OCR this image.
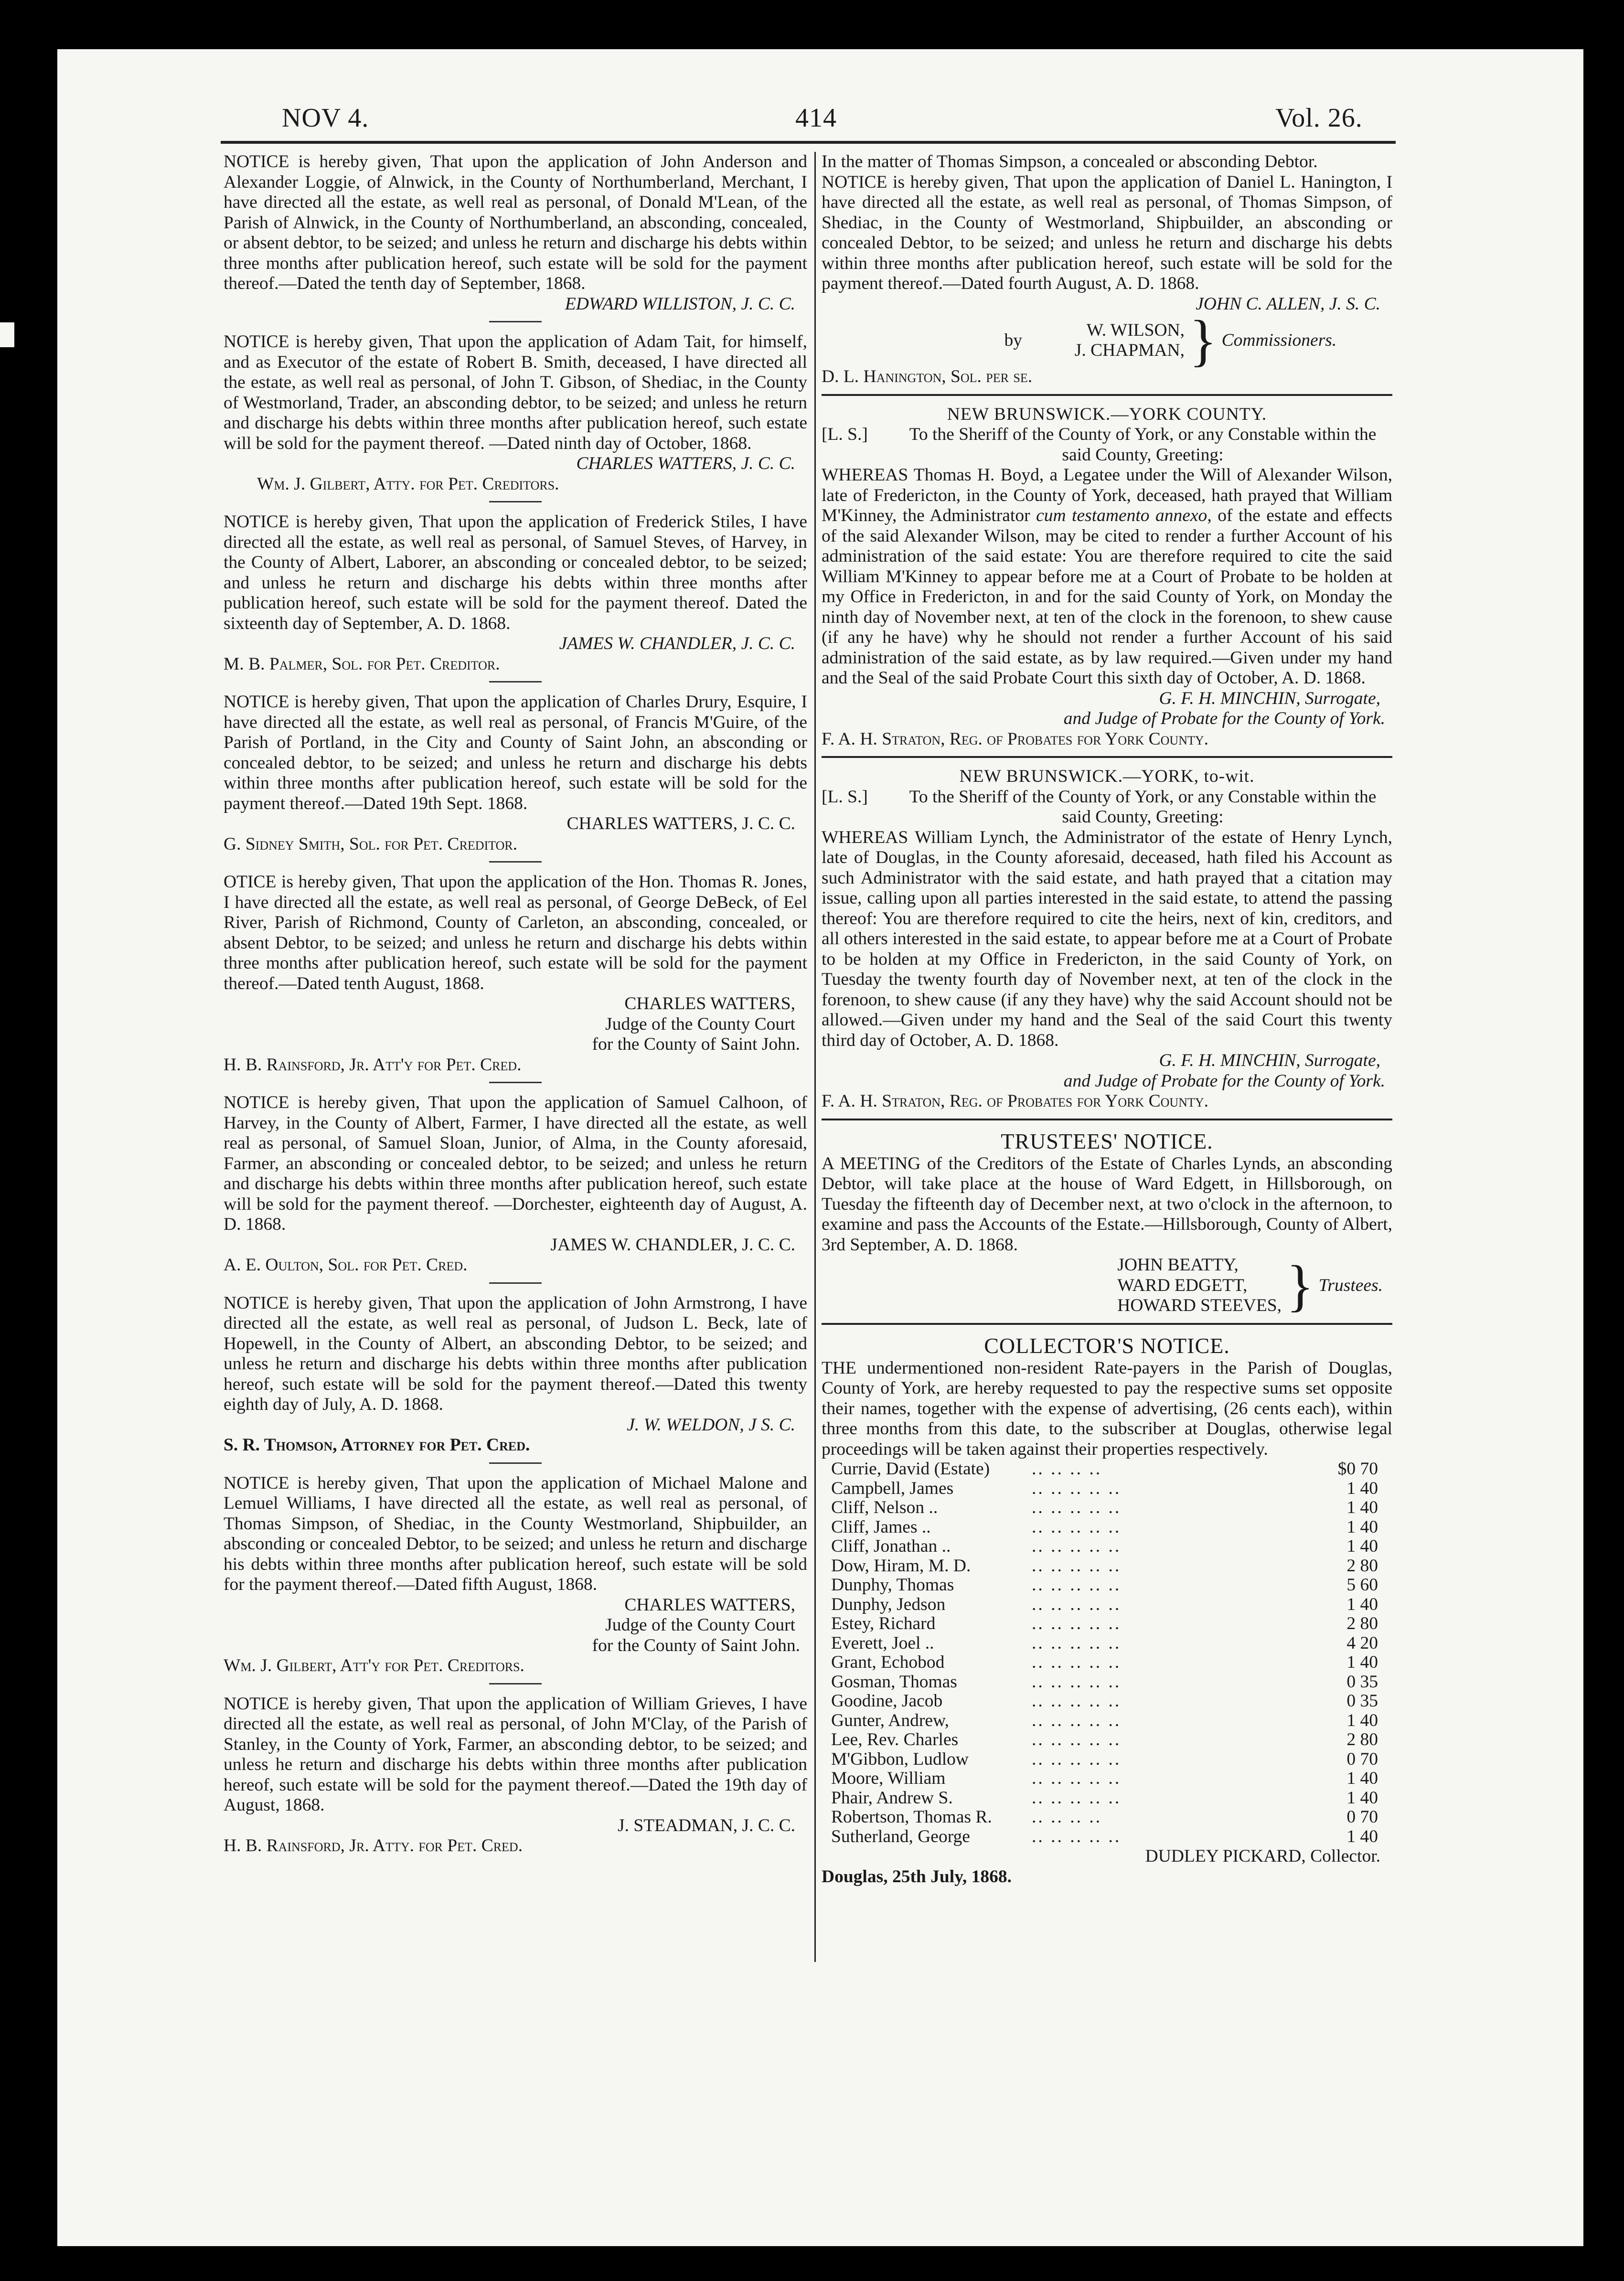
NOV 4.	414	Vol. 26.
NOTICE is hereby given, That upon the application of John Anderson and Alexander Loggie, of Alnwick, in the County of Northumberland, Merchant, I have directed all the estate, as well real as personal, of Donald M'Lean, of the Parish of Alnwick, in the County of Northumberland, an absconding, concealed, or absent debtor, to be seized; and unless he return and discharge his debts within three months after publication hereof, such estate will be sold for the payment thereof.—Dated the tenth day of September, 1868.
EDWARD WILLISTON, J. C. C.
NOTICE is hereby given, That upon the application of Adam Tait, for himself, and as Executor of the estate of Robert B. Smith, deceased, I have directed all the estate, as well real as personal, of John T. Gibson, of Shediac, in the County of Westmorland, Trader, an absconding debtor, to be seized; and unless he return and discharge his debts within three months after publication hereof, such estate will be sold for the payment thereof. —Dated ninth day of October, 1868.
CHARLES WATTERS, J. C. C.
Wm. J. Gilbert, Atty. for Pet. Creditors.
NOTICE is hereby given, That upon the application of Frederick Stiles, I have directed all the estate, as well real as personal, of Samuel Steves, of Harvey, in the County of Albert, Laborer, an absconding or concealed debtor, to be seized; and unless he return and discharge his debts within three months after publication hereof, such estate will be sold for the payment thereof. Dated the sixteenth day of September, A. D. 1868.
JAMES W. CHANDLER, J. C. C.
M. B. Palmer, Sol. for Pet. Creditor.
NOTICE is hereby given, That upon the application of Charles Drury, Esquire, I have directed all the estate, as well real as personal, of Francis M'Guire, of the Parish of Portland, in the City and County of Saint John, an absconding or concealed debtor, to be seized; and unless he return and discharge his debts within three months after publication hereof, such estate will be sold for the payment thereof.—Dated 19th Sept. 1868.
CHARLES WATTERS, J. C. C.
G. Sidney Smith, Sol. for Pet. Creditor.
OTICE is hereby given, That upon the application of the Hon. Thomas R. Jones, I have directed all the estate, as well real as personal, of George DeBeck, of Eel River, Parish of Richmond, County of Carleton, an absconding, concealed, or absent Debtor, to be seized; and unless he return and discharge his debts within three months after publication hereof, such estate will be sold for the payment thereof.—Dated tenth August, 1868.
CHARLES WATTERS,
Judge of the County Court
for the County of Saint John.
H. B. Rainsford, Jr. Att'y for Pet. Cred.
NOTICE is hereby given, That upon the application of Samuel Calhoon, of Harvey, in the County of Albert, Farmer, I have directed all the estate, as well real as personal, of Samuel Sloan, Junior, of Alma, in the County aforesaid, Farmer, an absconding or concealed debtor, to be seized; and unless he return and discharge his debts within three months after publication hereof, such estate will be sold for the payment thereof. —Dorchester, eighteenth day of August, A. D. 1868.
JAMES W. CHANDLER, J. C. C.
A. E. Oulton, Sol. for Pet. Cred.
NOTICE is hereby given, That upon the application of John Armstrong, I have directed all the estate, as well real as personal, of Judson L. Beck, late of Hopewell, in the County of Albert, an absconding Debtor, to be seized; and unless he return and discharge his debts within three months after publication hereof, such estate will be sold for the payment thereof.—Dated this twenty eighth day of July, A. D. 1868.
J. W. WELDON, J S. C.
S. R. Thomson, Attorney for Pet. Cred.
NOTICE is hereby given, That upon the application of Michael Malone and Lemuel Williams, I have directed all the estate, as well real as personal, of Thomas Simpson, of Shediac, in the County Westmorland, Shipbuilder, an absconding or concealed Debtor, to be seized; and unless he return and discharge his debts within three months after publication hereof, such estate will be sold for the payment thereof.—Dated fifth August, 1868.
CHARLES WATTERS,
Judge of the County Court
for the County of Saint John.
Wm. J. Gilbert, Att'y for Pet. Creditors.
NOTICE is hereby given, That upon the application of William Grieves, I have directed all the estate, as well real as personal, of John M'Clay, of the Parish of Stanley, in the County of York, Farmer, an absconding debtor, to be seized; and unless he return and discharge his debts within three months after publication hereof, such estate will be sold for the payment thereof.—Dated the 19th day of August, 1868.
J. STEADMAN, J. C. C.
H. B. Rainsford, Jr. Atty. for Pet. Cred.
In the matter of Thomas Simpson, a concealed or absconding Debtor.
NOTICE is hereby given, That upon the application of Daniel L. Hanington, I have directed all the estate, as well real as personal, of Thomas Simpson, of Shediac, in the County of Westmorland, Shipbuilder, an absconding or concealed Debtor, to be seized; and unless he return and discharge his debts within three months after publication hereof, such estate will be sold for the payment thereof.—Dated fourth August, A. D. 1868.
JOHN C. ALLEN, J. S. C.
by
W. WILSON,
J. CHAPMAN, } Commissioners.
D. L. Hanington, Sol. per se.
NEW BRUNSWICK.—YORK COUNTY.
[L. S.]	To the Sheriff of the County of York, or any Constable within the said County, Greeting:
WHEREAS Thomas H. Boyd, a Legatee under the Will of Alexander Wilson, late of Fredericton, in the County of York, deceased, hath prayed that William M'Kinney, the Administrator cum testamento annexo, of the estate and effects of the said Alexander Wilson, may be cited to render a further Account of his administration of the said estate: You are therefore required to cite the said William M'Kinney to appear before me at a Court of Probate to be holden at my Office in Fredericton, in and for the said County of York, on Monday the ninth day of November next, at ten of the clock in the forenoon, to shew cause (if any he have) why he should not render a further Account of his said administration of the said estate, as by law required.—Given under my hand and the Seal of the said Probate Court this sixth day of October, A. D. 1868.
G. F. H. MINCHIN, Surrogate,
and Judge of Probate for the County of York.
F. A. H. Straton, Reg. of Probates for York County.
NEW BRUNSWICK.—YORK, to-wit.
[L. S.]	To the Sheriff of the County of York, or any Constable within the said County, Greeting:
WHEREAS William Lynch, the Administrator of the estate of Henry Lynch, late of Douglas, in the County aforesaid, deceased, hath filed his Account as such Administrator with the said estate, and hath prayed that a citation may issue, calling upon all parties interested in the said estate, to attend the passing thereof: You are therefore required to cite the heirs, next of kin, creditors, and all others interested in the said estate, to appear before me at a Court of Probate to be holden at my Office in Fredericton, in the said County of York, on Tuesday the twenty fourth day of November next, at ten of the clock in the forenoon, to shew cause (if any they have) why the said Account should not be allowed.—Given under my hand and the Seal of the said Court this twenty third day of October, A. D. 1868.
G. F. H. MINCHIN, Surrogate,
and Judge of Probate for the County of York.
F. A. H. Straton, Reg. of Probates for York County.
TRUSTEES' NOTICE.
A MEETING of the Creditors of the Estate of Charles Lynds, an absconding Debtor, will take place at the house of Ward Edgett, in Hillsborough, on Tuesday the fifteenth day of December next, at two o'clock in the afternoon, to examine and pass the Accounts of the Estate.—Hillsborough, County of Albert, 3rd September, A. D. 1868.
JOHN BEATTY,
WARD EDGETT,
HOWARD STEEVES, } Trustees.
COLLECTOR'S NOTICE.
THE undermentioned non-resident Rate-payers in the Parish of Douglas, County of York, are hereby requested to pay the respective sums set opposite their names, together with the expense of advertising, (26 cents each), within three months from this date, to the subscriber at Douglas, otherwise legal proceedings will be taken against their properties respectively.
Currie, David (Estate)	.. .. .. ..	$0 70
Campbell, James	.. .. .. .. ..	1 40
Cliff, Nelson ..	.. .. .. .. ..	1 40
Cliff, James ..	.. .. .. .. ..	1 40
Cliff, Jonathan ..	.. .. .. .. ..	1 40
Dow, Hiram, M. D.	.. .. .. .. ..	2 80
Dunphy, Thomas	.. .. .. .. ..	5 60
Dunphy, Jedson	.. .. .. .. ..	1 40
Estey, Richard	.. .. .. .. ..	2 80
Everett, Joel ..	.. .. .. .. ..	4 20
Grant, Echobod	.. .. .. .. ..	1 40
Gosman, Thomas	.. .. .. .. ..	0 35
Goodine, Jacob	.. .. .. .. ..	0 35
Gunter, Andrew,	.. .. .. .. ..	1 40
Lee, Rev. Charles	.. .. .. .. ..	2 80
M'Gibbon, Ludlow	.. .. .. .. ..	0 70
Moore, William	.. .. .. .. ..	1 40
Phair, Andrew S.	.. .. .. .. ..	1 40
Robertson, Thomas R.	.. .. .. ..	0 70
Sutherland, George	.. .. .. .. ..	1 40
DUDLEY PICKARD, Collector.
Douglas, 25th July, 1868.
